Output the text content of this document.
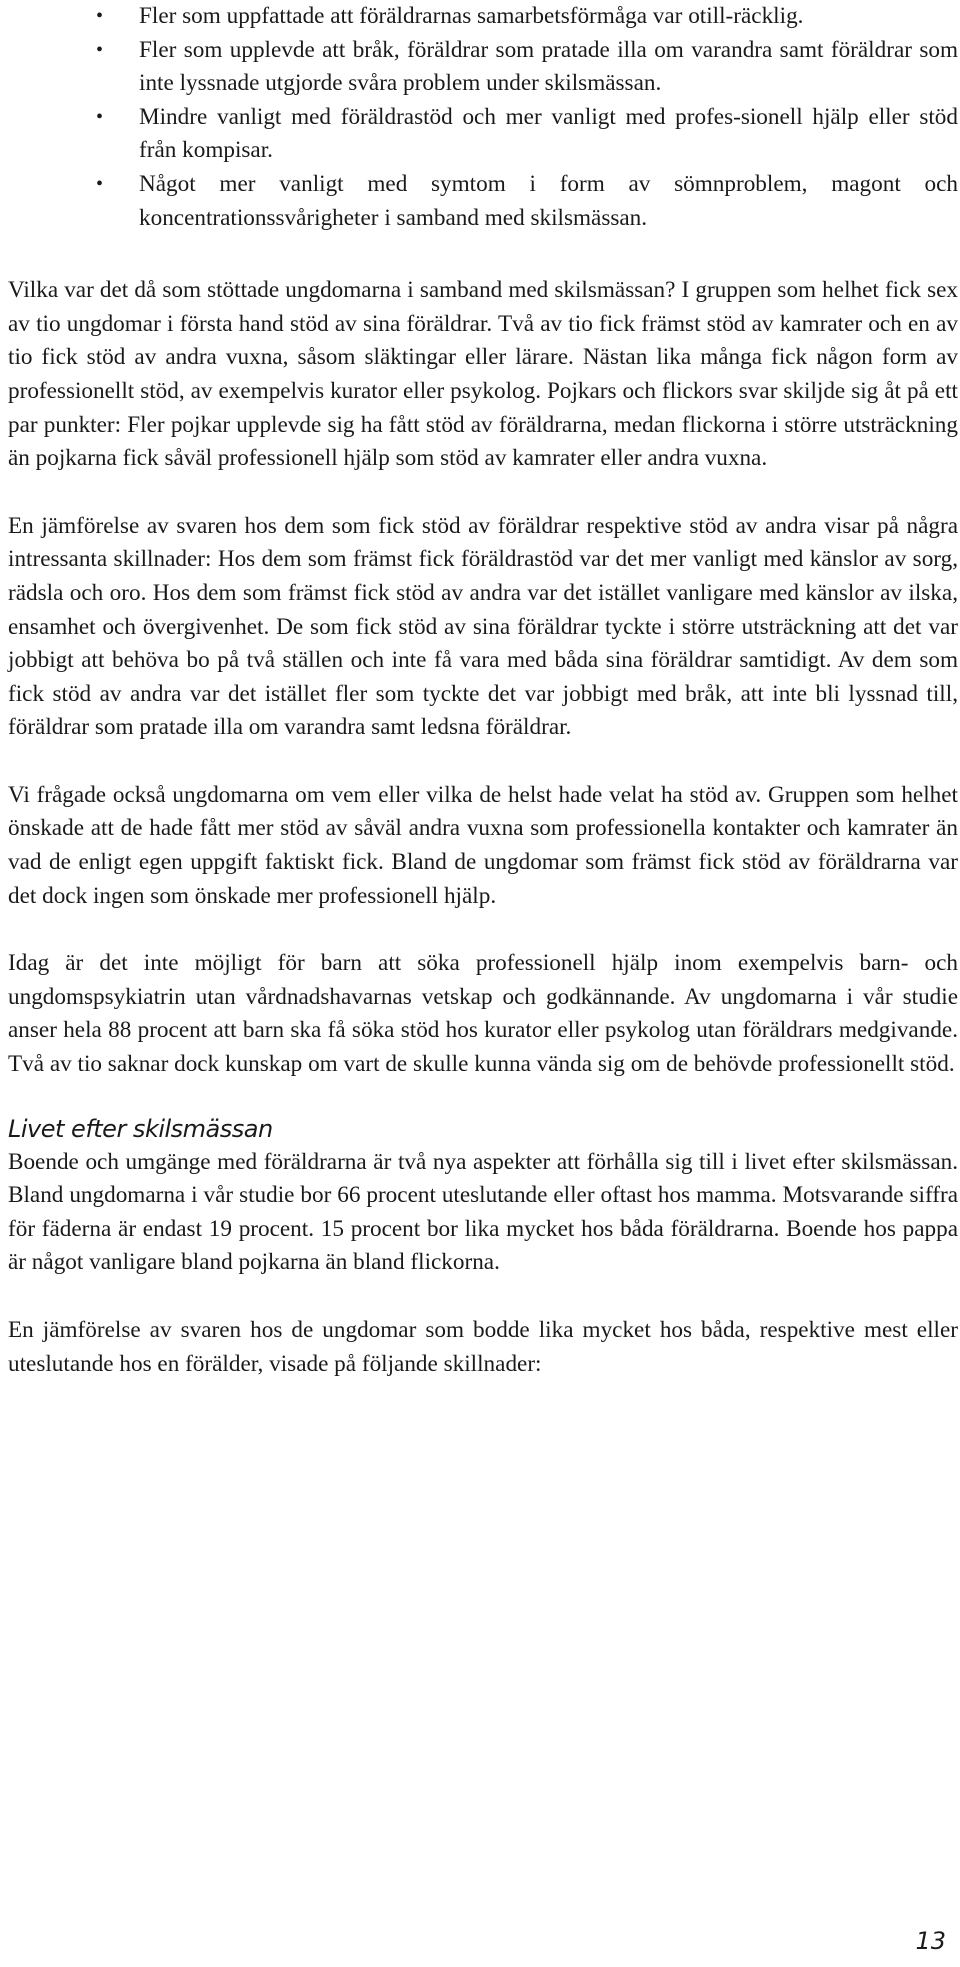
• Fler som uppfattade att föräldrarnas samarbetsförmåga var otill-räcklig.
• Fler som upplevde att bråk, föräldrar som pratade illa om varandra samt föräldrar som inte lyssnade utgjorde svåra problem under skilsmässan.
• Mindre vanligt med föräldrastöd och mer vanligt med profes-sionell hjälp eller stöd från kompisar.
• Något mer vanligt med symtom i form av sömnproblem, magont och koncentrationssvårigheter i samband med skilsmässan.

Vilka var det då som stöttade ungdomarna i samband med skilsmässan? I gruppen som helhet fick sex av tio ungdomar i första hand stöd av sina föräldrar. Två av tio fick främst stöd av kamrater och en av tio fick stöd av andra vuxna, såsom släktingar eller lärare. Nästan lika många fick någon form av professionellt stöd, av exempelvis kurator eller psykolog. Pojkars och flickors svar skiljde sig åt på ett par punkter: Fler pojkar upplevde sig ha fått stöd av föräldrarna, medan flickorna i större utsträckning än pojkarna fick såväl professionell hjälp som stöd av kamrater eller andra vuxna.

En jämförelse av svaren hos dem som fick stöd av föräldrar respektive stöd av andra visar på några intressanta skillnader: Hos dem som främst fick föräldrastöd var det mer vanligt med känslor av sorg, rädsla och oro. Hos dem som främst fick stöd av andra var det istället vanligare med känslor av ilska, ensamhet och övergivenhet. De som fick stöd av sina föräldrar tyckte i större utsträckning att det var jobbigt att behöva bo på två ställen och inte få vara med båda sina föräldrar samtidigt. Av dem som fick stöd av andra var det istället fler som tyckte det var jobbigt med bråk, att inte bli lyssnad till, föräldrar som pratade illa om varandra samt ledsna föräldrar.

Vi frågade också ungdomarna om vem eller vilka de helst hade velat ha stöd av. Gruppen som helhet önskade att de hade fått mer stöd av såväl andra vuxna som professionella kontakter och kamrater än vad de enligt egen uppgift faktiskt fick. Bland de ungdomar som främst fick stöd av föräldrarna var det dock ingen som önskade mer professionell hjälp.

Idag är det inte möjligt för barn att söka professionell hjälp inom exempelvis barn- och ungdomspsykiatrin utan vårdnadshavarnas vetskap och godkännande. Av ungdomarna i vår studie anser hela 88 procent att barn ska få söka stöd hos kurator eller psykolog utan föräldrars medgivande. Två av tio saknar dock kunskap om vart de skulle kunna vända sig om de behövde professionellt stöd.

Livet efter skilsmässan

Boende och umgänge med föräldrarna är två nya aspekter att förhålla sig till i livet efter skilsmässan. Bland ungdomarna i vår studie bor 66 procent uteslutande eller oftast hos mamma. Motsvarande siffra för fäderna är endast 19 procent. 15 procent bor lika mycket hos båda föräldrarna. Boende hos pappa är något vanligare bland pojkarna än bland flickorna.

En jämförelse av svaren hos de ungdomar som bodde lika mycket hos båda, respektive mest eller uteslutande hos en förälder, visade på följande skillnader:

13
